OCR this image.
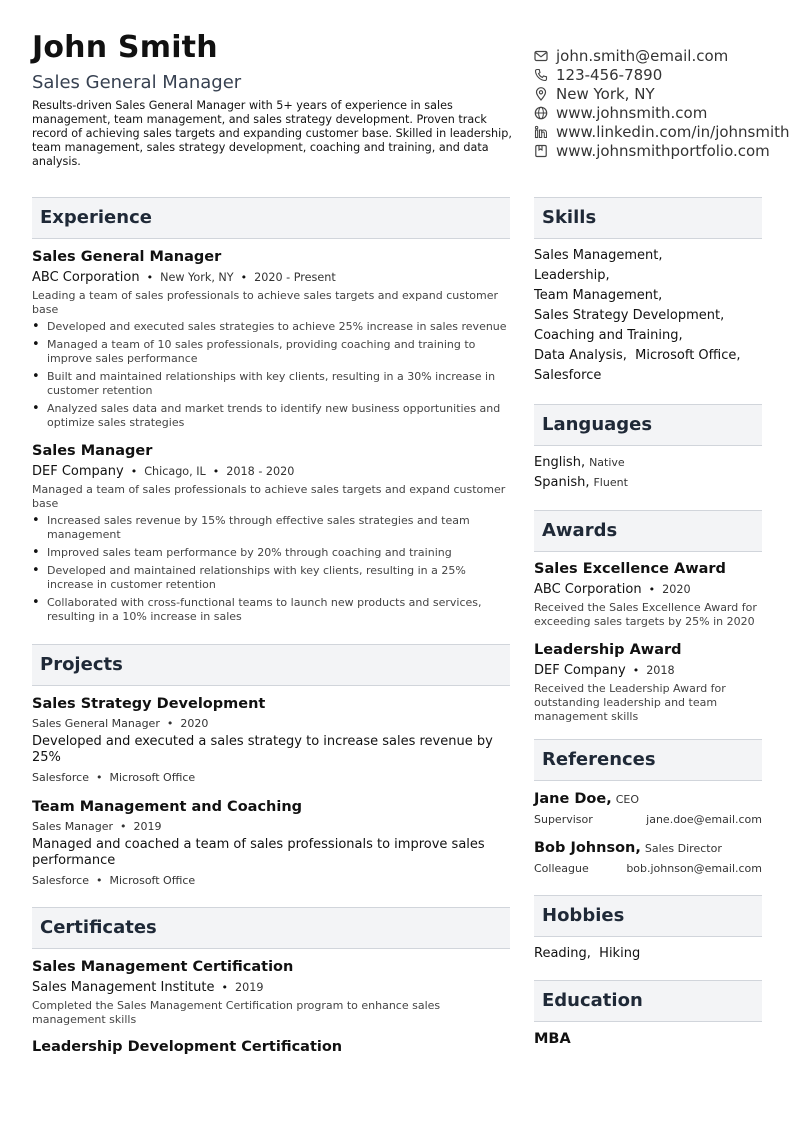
John Smith
Sales General Manager
Results-driven Sales General Manager with 5+ years of experience in sales management, team management, and sales strategy development. Proven track record of achieving sales targets and expanding customer base. Skilled in leadership, team management, sales strategy development, coaching and training, and data analysis.
john.smith@email.com
123-456-7890
New York, NY
www.johnsmith.com
www.linkedin.com/in/johnsmith
www.johnsmithportfolio.com
Experience
Sales General Manager
ABC Corporation • New York, NY • 2020 - Present
Leading a team of sales professionals to achieve sales targets and expand customer base
• Developed and executed sales strategies to achieve 25% increase in sales revenue
• Managed a team of 10 sales professionals, providing coaching and training to improve sales performance
• Built and maintained relationships with key clients, resulting in a 30% increase in customer retention
• Analyzed sales data and market trends to identify new business opportunities and optimize sales strategies
Sales Manager
DEF Company • Chicago, IL • 2018 - 2020
Managed a team of sales professionals to achieve sales targets and expand customer base
• Increased sales revenue by 15% through effective sales strategies and team management
• Improved sales team performance by 20% through coaching and training
• Developed and maintained relationships with key clients, resulting in a 25% increase in customer retention
• Collaborated with cross-functional teams to launch new products and services, resulting in a 10% increase in sales
Projects
Sales Strategy Development
Sales General Manager • 2020
Developed and executed a sales strategy to increase sales revenue by 25%
Salesforce • Microsoft Office
Team Management and Coaching
Sales Manager • 2019
Managed and coached a team of sales professionals to improve sales performance
Salesforce • Microsoft Office
Certificates
Sales Management Certification
Sales Management Institute • 2019
Completed the Sales Management Certification program to enhance sales management skills
Leadership Development Certification
Skills
Sales Management,
Leadership,
Team Management,
Sales Strategy Development,
Coaching and Training,
Data Analysis, Microsoft Office,
Salesforce
Languages
English, Native
Spanish, Fluent
Awards
Sales Excellence Award
ABC Corporation • 2020
Received the Sales Excellence Award for exceeding sales targets by 25% in 2020
Leadership Award
DEF Company • 2018
Received the Leadership Award for outstanding leadership and team management skills
References
Jane Doe, CEO
Supervisor	jane.doe@email.com
Bob Johnson, Sales Director
Colleague	bob.johnson@email.com
Hobbies
Reading, Hiking
Education
MBA
